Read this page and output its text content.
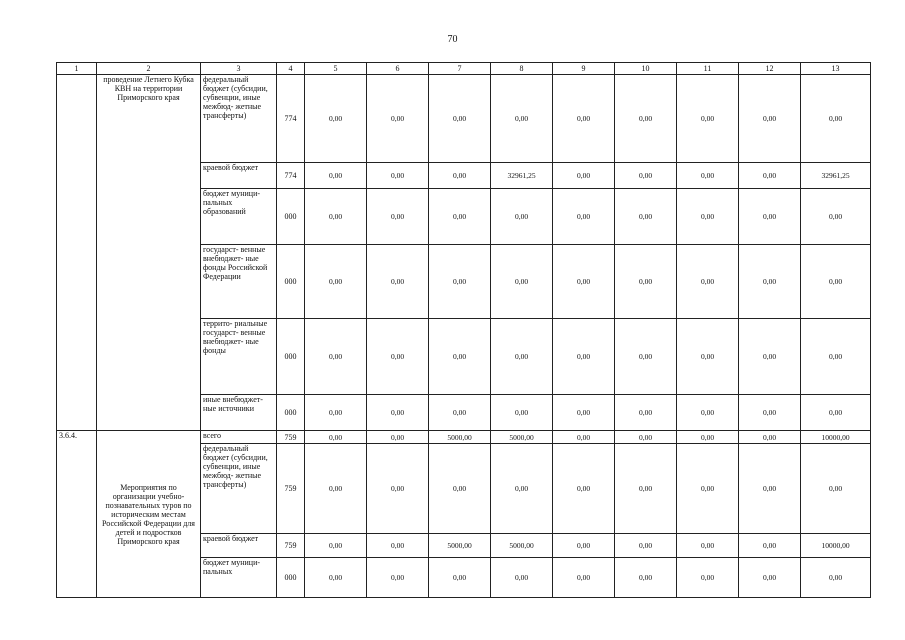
70
1	2	3	4	5	6	7	8	9	10	11	12	13
	проведение Летнего Кубка КВН на территории Приморского края	федеральный бюджет (субсидии, субвенции, иные межбюд- жетные трансферты)	774	0,00	0,00	0,00	0,00	0,00	0,00	0,00	0,00	0,00
		краевой бюджет	774	0,00	0,00	0,00	32961,25	0,00	0,00	0,00	0,00	32961,25
		бюджет муници- пальных образований	000	0,00	0,00	0,00	0,00	0,00	0,00	0,00	0,00	0,00
		государст- венные внебюджет- ные фонды Российской Федерации	000	0,00	0,00	0,00	0,00	0,00	0,00	0,00	0,00	0,00
		террито- риальные государст- венные внебюджет- ные фонды	000	0,00	0,00	0,00	0,00	0,00	0,00	0,00	0,00	0,00
		иные внебюджет- ные источники	000	0,00	0,00	0,00	0,00	0,00	0,00	0,00	0,00	0,00
3.6.4.	Мероприятия по организации учебно- познавательных туров по историческим местам Российской Федерации для детей и подростков Приморского края	всего	759	0,00	0,00	5000,00	5000,00	0,00	0,00	0,00	0,00	10000,00
		федеральный бюджет (субсидии, субвенции, иные межбюд- жетные трансферты)	759	0,00	0,00	0,00	0,00	0,00	0,00	0,00	0,00	0,00
		краевой бюджет	759	0,00	0,00	5000,00	5000,00	0,00	0,00	0,00	0,00	10000,00
		бюджет муници- пальных	000	0,00	0,00	0,00	0,00	0,00	0,00	0,00	0,00	0,00
